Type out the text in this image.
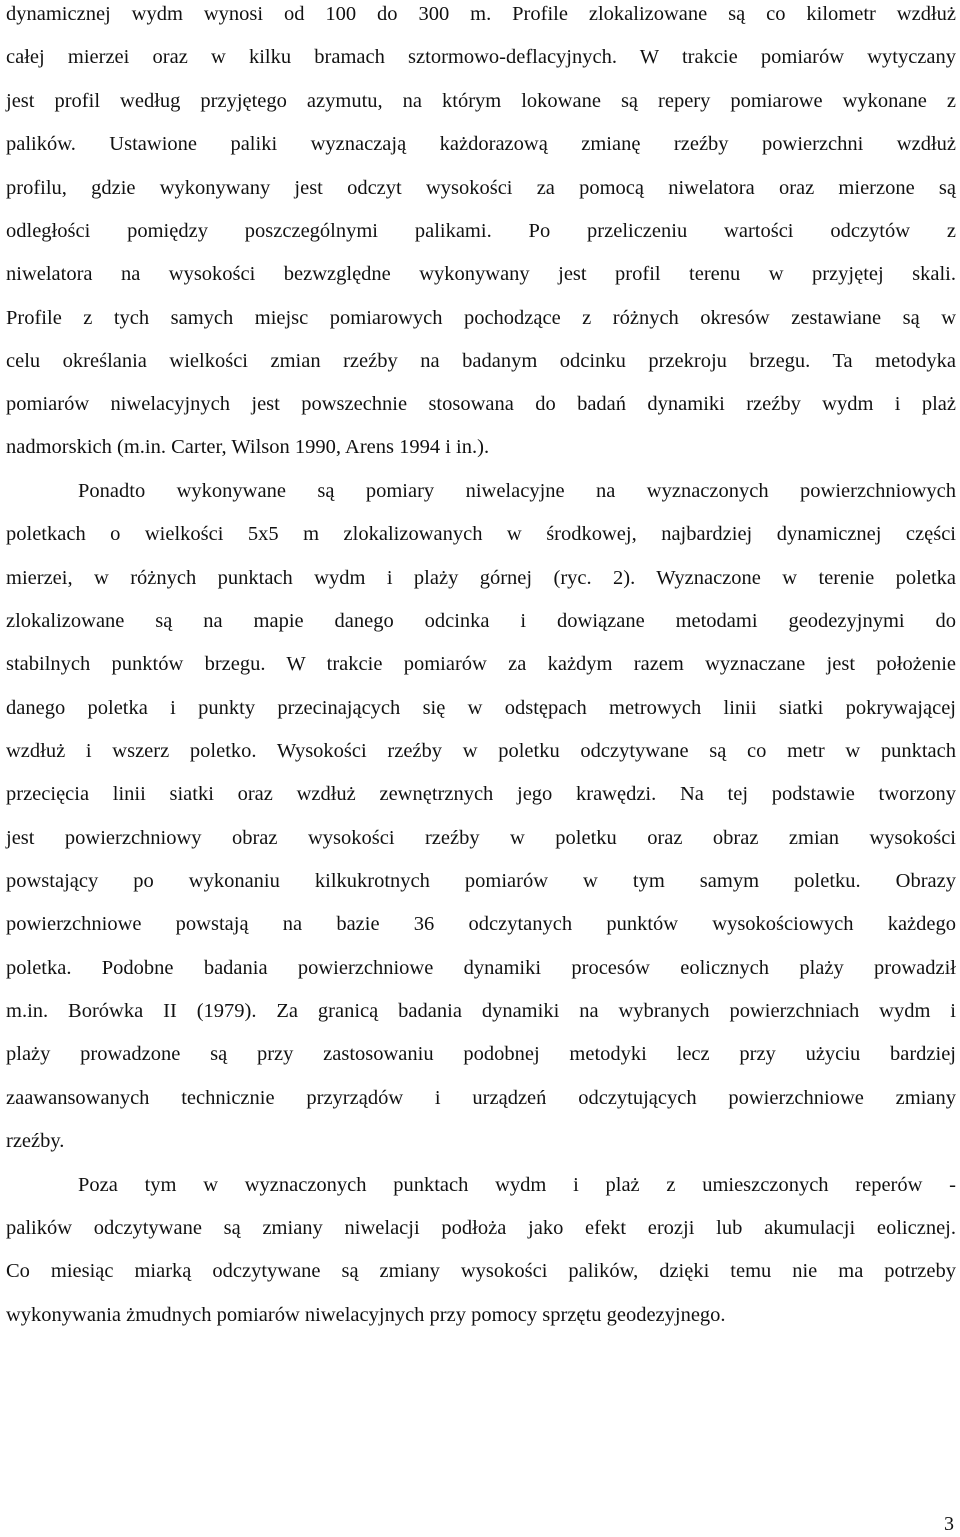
dynamicznej wydm wynosi od 100 do 300 m. Profile zlokalizowane są co kilometr wzdłuż
całej mierzei oraz w kilku bramach sztormowo-deflacyjnych. W trakcie pomiarów wytyczany
jest profil według przyjętego azymutu, na którym lokowane są repery pomiarowe wykonane z
palików. Ustawione paliki wyznaczają każdorazową zmianę rzeźby powierzchni wzdłuż
profilu, gdzie wykonywany jest odczyt wysokości za pomocą niwelatora oraz mierzone są
odległości pomiędzy poszczególnymi palikami. Po przeliczeniu wartości odczytów z
niwelatora na wysokości bezwzględne wykonywany jest profil terenu w przyjętej skali.
Profile z tych samych miejsc pomiarowych pochodzące z różnych okresów zestawiane są w
celu określania wielkości zmian rzeźby na badanym odcinku przekroju brzegu. Ta metodyka
pomiarów niwelacyjnych jest powszechnie stosowana do badań dynamiki rzeźby wydm i plaż
nadmorskich (m.in. Carter, Wilson 1990, Arens 1994 i in.).
Ponadto wykonywane są pomiary niwelacyjne na wyznaczonych powierzchniowych
poletkach o wielkości 5x5 m zlokalizowanych w środkowej, najbardziej dynamicznej części
mierzei, w różnych punktach wydm i plaży górnej (ryc. 2). Wyznaczone w terenie poletka
zlokalizowane są na mapie danego odcinka i dowiązane metodami geodezyjnymi do
stabilnych punktów brzegu. W trakcie pomiarów za każdym razem wyznaczane jest położenie
danego poletka i punkty przecinających się w odstępach metrowych linii siatki pokrywającej
wzdłuż i wszerz poletko. Wysokości rzeźby w poletku odczytywane są co metr w punktach
przecięcia linii siatki oraz wzdłuż zewnętrznych jego krawędzi. Na tej podstawie tworzony
jest powierzchniowy obraz wysokości rzeźby w poletku oraz obraz zmian wysokości
powstający po wykonaniu kilkukrotnych pomiarów w tym samym poletku. Obrazy
powierzchniowe powstają na bazie 36 odczytanych punktów wysokościowych każdego
poletka. Podobne badania powierzchniowe dynamiki procesów eolicznych plaży prowadził
m.in. Borówka II (1979). Za granicą badania dynamiki na wybranych powierzchniach wydm i
plaży prowadzone są przy zastosowaniu podobnej metodyki lecz przy użyciu bardziej
zaawansowanych technicznie przyrządów i urządzeń odczytujących powierzchniowe zmiany
rzeźby.
Poza tym w wyznaczonych punktach wydm i plaż z umieszczonych reperów -
palików odczytywane są zmiany niwelacji podłoża jako efekt erozji lub akumulacji eolicznej.
Co miesiąc miarką odczytywane są zmiany wysokości palików, dzięki temu nie ma potrzeby
wykonywania żmudnych pomiarów niwelacyjnych przy pomocy sprzętu geodezyjnego.
3
